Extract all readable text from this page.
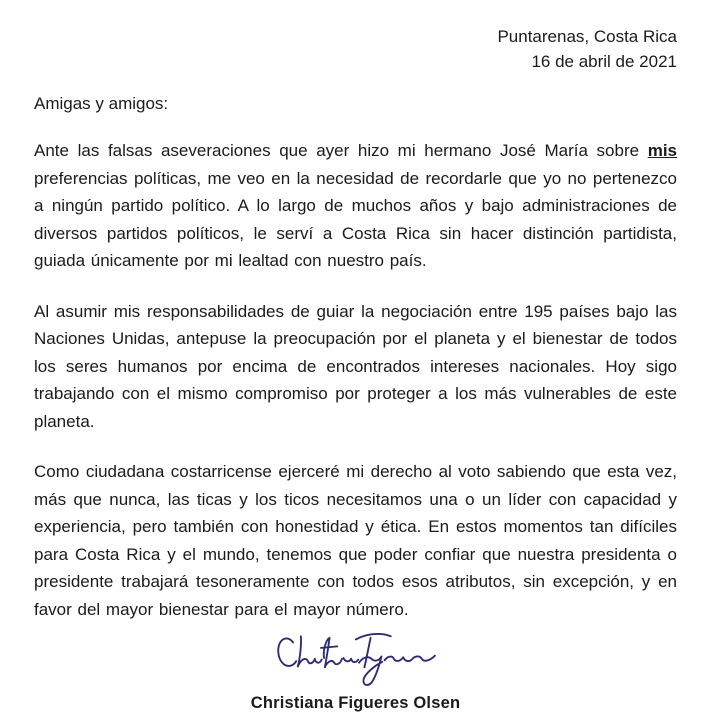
Puntarenas, Costa Rica
16 de abril de 2021
Amigas y amigos:

Ante las falsas aseveraciones que ayer hizo mi hermano José María sobre mis preferencias políticas, me veo en la necesidad de recordarle que yo no pertenezco a ningún partido político. A lo largo de muchos años y bajo administraciones de diversos partidos políticos, le serví a Costa Rica sin hacer distinción partidista, guiada únicamente por mi lealtad con nuestro país.

Al asumir mis responsabilidades de guiar la negociación entre 195 países bajo las Naciones Unidas, antepuse la preocupación por el planeta y el bienestar de todos los seres humanos por encima de encontrados intereses nacionales. Hoy sigo trabajando con el mismo compromiso por proteger a los más vulnerables de este planeta.

Como ciudadana costarricense ejerceré mi derecho al voto sabiendo que esta vez, más que nunca, las ticas y los ticos necesitamos una o un líder con capacidad y experiencia, pero también con honestidad y ética. En estos momentos tan difíciles para Costa Rica y el mundo, tenemos que poder confiar que nuestra presidenta o presidente trabajará tesoneramente con todos esos atributos, sin excepción, y en favor del mayor bienestar para el mayor número.

Christiana Figueres Olsen
